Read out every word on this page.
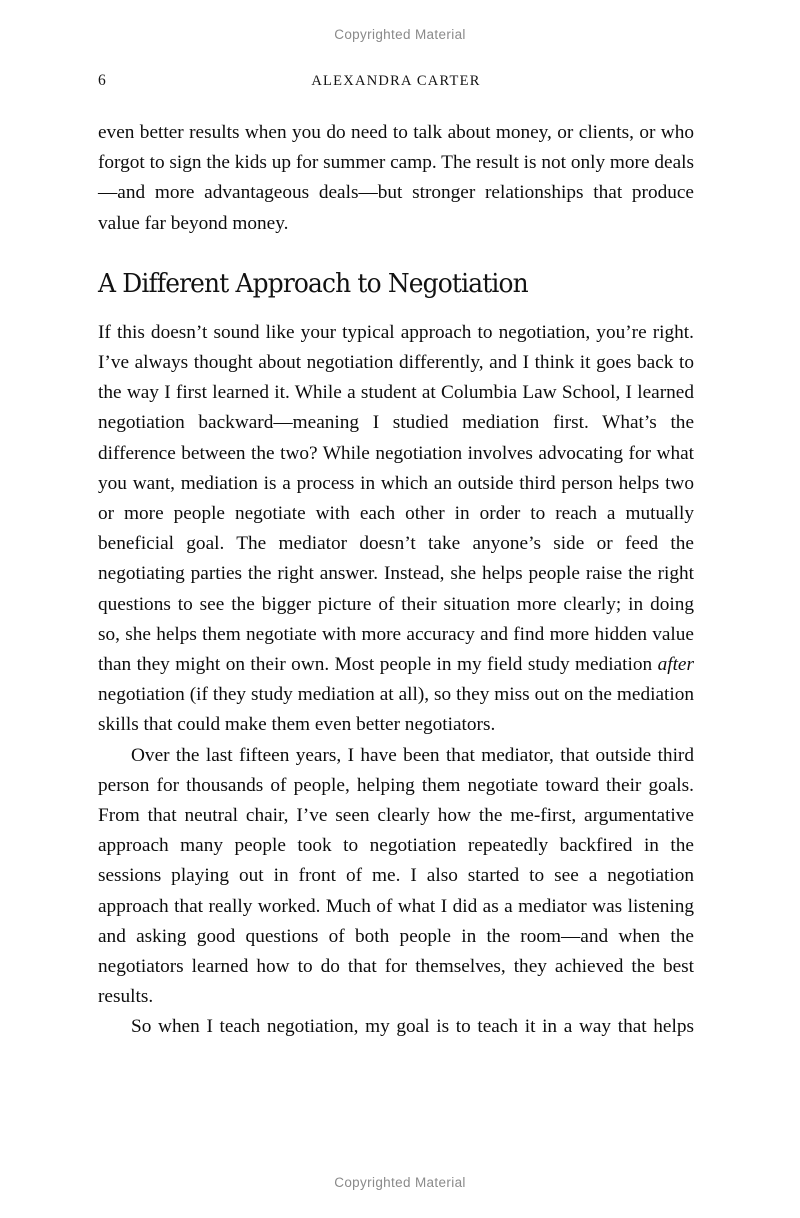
Copyrighted Material
6	ALEXANDRA CARTER

even better results when you do need to talk about money, or clients, or who forgot to sign the kids up for summer camp. The result is not only more deals—and more advantageous deals—but stronger relationships that produce value far beyond money.

A Different Approach to Negotiation

If this doesn’t sound like your typical approach to negotiation, you’re right. I’ve always thought about negotiation differently, and I think it goes back to the way I first learned it. While a student at Columbia Law School, I learned negotiation backward—meaning I studied mediation first. What’s the difference between the two? While negotiation involves advocating for what you want, mediation is a process in which an outside third person helps two or more people negotiate with each other in order to reach a mutually beneficial goal. The mediator doesn’t take anyone’s side or feed the negotiating parties the right answer. Instead, she helps people raise the right questions to see the bigger picture of their situation more clearly; in doing so, she helps them negotiate with more accuracy and find more hidden value than they might on their own. Most people in my field study mediation after negotiation (if they study mediation at all), so they miss out on the mediation skills that could make them even better negotiators.

Over the last fifteen years, I have been that mediator, that outside third person for thousands of people, helping them negotiate toward their goals. From that neutral chair, I’ve seen clearly how the me-first, argumentative approach many people took to negotiation repeatedly backfired in the sessions playing out in front of me. I also started to see a negotiation approach that really worked. Much of what I did as a mediator was listening and asking good questions of both people in the room—and when the negotiators learned how to do that for themselves, they achieved the best results.

So when I teach negotiation, my goal is to teach it in a way that helps

Copyrighted Material
